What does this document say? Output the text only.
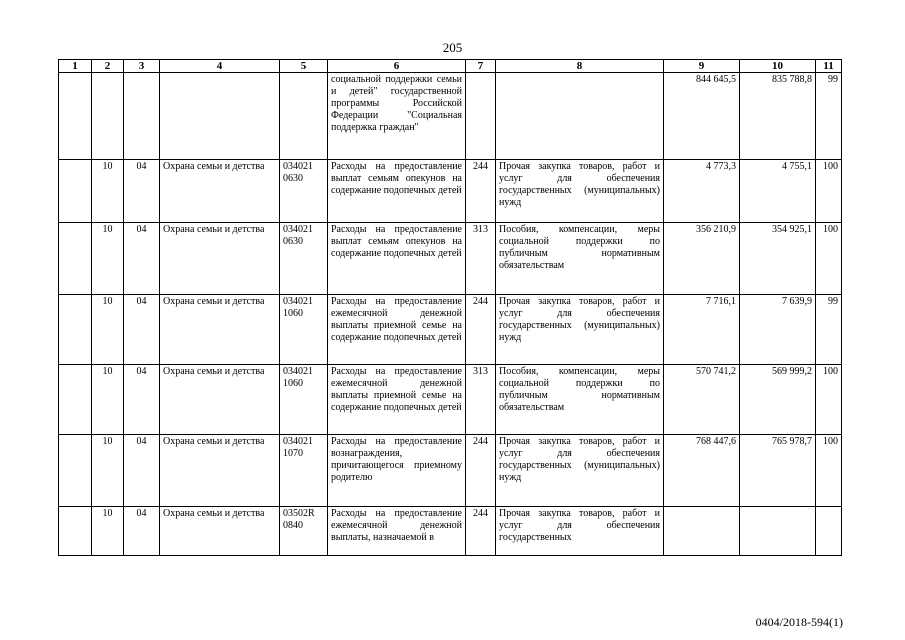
205
1	2	3	4	5	6	7	8	9	10	11
					социальной поддержки семьи и детей" государственной программы Российской Федерации "Социальная поддержка граждан"			844 645,5	835 788,8	99
	10	04	Охрана семьи и детства	034021 0630	Расходы на предоставление выплат семьям опекунов на содержание подопечных детей	244	Прочая закупка товаров, работ и услуг для обеспечения государственных (муниципальных) нужд	4 773,3	4 755,1	100
	10	04	Охрана семьи и детства	034021 0630	Расходы на предоставление выплат семьям опекунов на содержание подопечных детей	313	Пособия, компенсации, меры социальной поддержки по публичным нормативным обязательствам	356 210,9	354 925,1	100
	10	04	Охрана семьи и детства	034021 1060	Расходы на предоставление ежемесячной денежной выплаты приемной семье на содержание подопечных детей	244	Прочая закупка товаров, работ и услуг для обеспечения государственных (муниципальных) нужд	7 716,1	7 639,9	99
	10	04	Охрана семьи и детства	034021 1060	Расходы на предоставление ежемесячной денежной выплаты приемной семье на содержание подопечных детей	313	Пособия, компенсации, меры социальной поддержки по публичным нормативным обязательствам	570 741,2	569 999,2	100
	10	04	Охрана семьи и детства	034021 1070	Расходы на предоставление вознаграждения, причитающегося приемному родителю	244	Прочая закупка товаров, работ и услуг для обеспечения государственных (муниципальных) нужд	768 447,6	765 978,7	100
	10	04	Охрана семьи и детства	03502R 0840	Расходы на предоставление ежемесячной денежной выплаты, назначаемой в	244	Прочая закупка товаров, работ и услуг для обеспечения государственных			
0404/2018-594(1)
